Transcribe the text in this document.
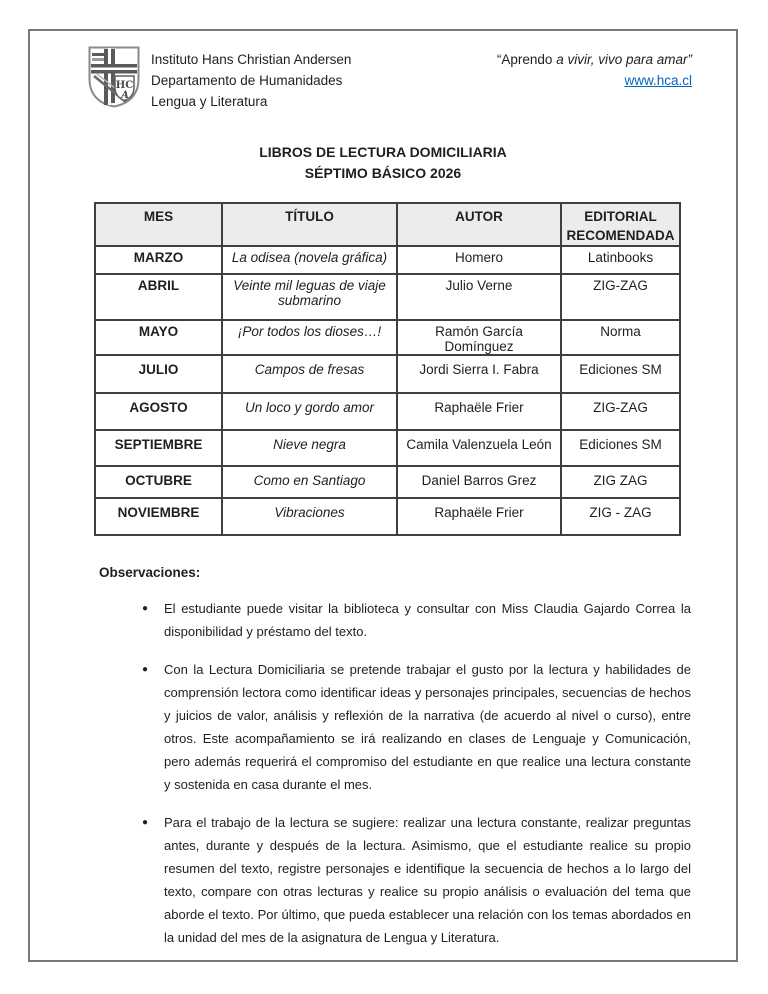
HC
A
Instituto Hans Christian Andersen
Departamento de Humanidades
Lengua y Literatura
“Aprendo a vivir, vivo para amar”
www.hca.cl
LIBROS DE LECTURA DOMICILIARIA
SÉPTIMO BÁSICO 2026
MES	TÍTULO	AUTOR	EDITORIAL RECOMENDADA
MARZO	La odisea (novela gráfica)	Homero	Latinbooks
ABRIL	Veinte mil leguas de viaje submarino	Julio Verne	ZIG-ZAG
MAYO	¡Por todos los dioses…!	Ramón García Domínguez	Norma
JULIO	Campos de fresas	Jordi Sierra I. Fabra	Ediciones SM
AGOSTO	Un loco y gordo amor	Raphaële Frier	ZIG-ZAG
SEPTIEMBRE	Nieve negra	Camila Valenzuela León	Ediciones SM
OCTUBRE	Como en Santiago	Daniel Barros Grez	ZIG ZAG
NOVIEMBRE	Vibraciones	Raphaële Frier	ZIG - ZAG
Observaciones:
●	El estudiante puede visitar la biblioteca y consultar con Miss Claudia Gajardo Correa la disponibilidad y préstamo del texto.
●	Con la Lectura Domiciliaria se pretende trabajar el gusto por la lectura y habilidades de comprensión lectora como identificar ideas y personajes principales, secuencias de hechos y juicios de valor, análisis y reflexión de la narrativa (de acuerdo al nivel o curso), entre otros. Este acompañamiento se irá realizando en clases de Lenguaje y Comunicación, pero además requerirá el compromiso del estudiante en que realice una lectura constante y sostenida en casa durante el mes.
●	Para el trabajo de la lectura se sugiere: realizar una lectura constante, realizar preguntas antes, durante y después de la lectura. Asimismo, que el estudiante realice su propio resumen del texto, registre personajes e identifique la secuencia de hechos a lo largo del texto, compare con otras lecturas y realice su propio análisis o evaluación del tema que aborde el texto. Por último, que pueda establecer una relación con los temas abordados en la unidad del mes de la asignatura de Lengua y Literatura.
